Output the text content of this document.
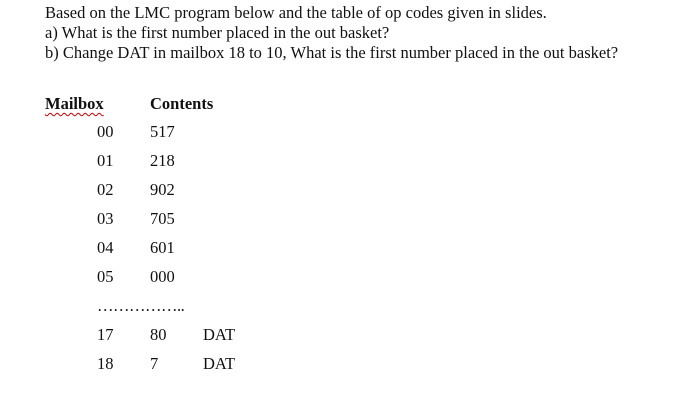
Based on the LMC program below and the table of op codes given in slides.
a) What is the first number placed in the out basket?
b) Change DAT in mailbox 18 to 10, What is the first number placed in the out basket?
Mailbox	Contents
00 517
01 218
02 902
03 705
04 601
05 000
……………..
17 80 DAT
18 7	DAT
